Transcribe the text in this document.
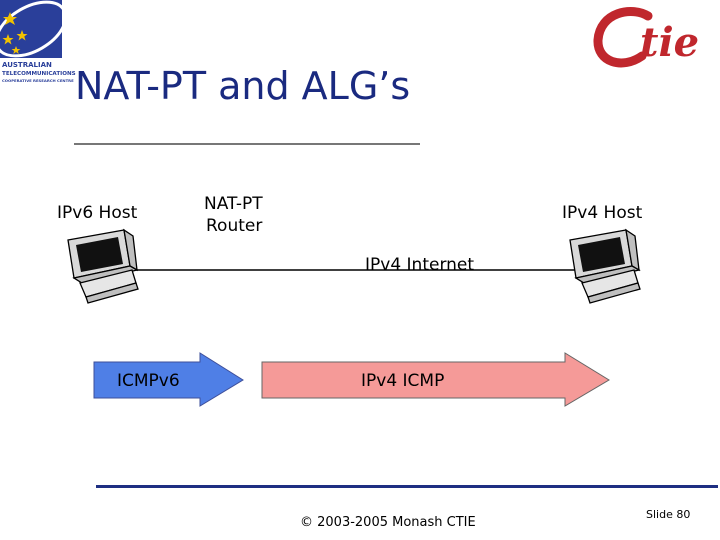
AUSTRALIAN
TELECOMMUNICATIONS
COOPERATIVE RESEARCH CENTRE
tie
NAT-PT and ALG’s
IPv6 Host	NAT-PT
Router
IPv4 Host
IPv4 Internet
ICMPv6	IPv4 ICMP
© 2003-2005 Monash CTIE
Slide 80
